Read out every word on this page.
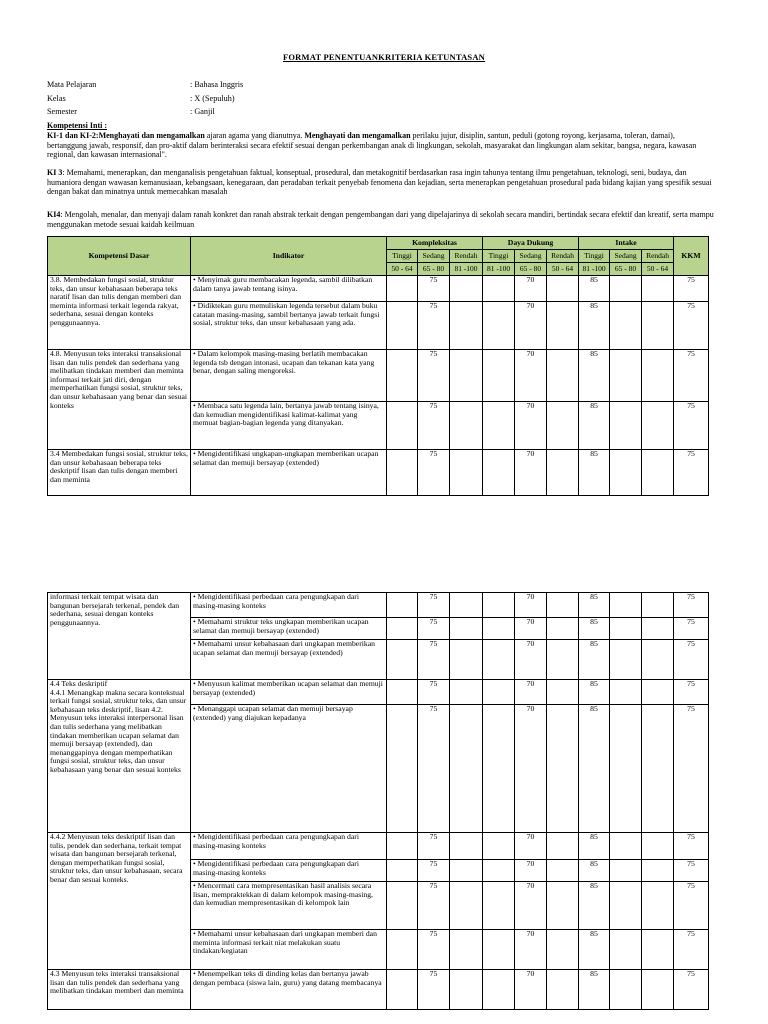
FORMAT PENENTUANKRITERIA KETUNTASAN
Mata Pelajaran	: Bahasa Inggris
Kelas	: X (Sepuluh)
Semester	: Ganjil
Kompetensi Inti :
KI-1 dan KI-2:Menghayati dan mengamalkan ajaran agama yang dianutnya. Menghayati dan mengamalkan perilaku jujur, disiplin, santun, peduli (gotong royong, kerjasama, toleran, damai), bertanggung jawab, responsif, dan pro-aktif dalam berinteraksi secara efektif sesuai dengan perkembangan anak di lingkungan, sekolah, masyarakat dan lingkungan alam sekitar, bangsa, negara, kawasan regional, dan kawasan internasional".
KI 3: Memahami, menerapkan, dan menganalisis pengetahuan faktual, konseptual, prosedural, dan metakognitif berdasarkan rasa ingin tahunya tentang ilmu pengetahuan, teknologi, seni, budaya, dan humaniora dengan wawasan kemanusiaan, kebangsaan, kenegaraan, dan peradaban terkait penyebab fenomena dan kejadian, serta menerapkan pengetahuan prosedural pada bidang kajian yang spesifik sesuai dengan bakat dan minatnya untuk memecahkan masalah
KI4: Mengolah, menalar, dan menyaji dalam ranah konkret dan ranah abstrak terkait dengan pengembangan dari yang dipelajarinya di sekolah secara mandiri, bertindak secara efektif dan kreatif, serta mampu menggunakan metode sesuai kaidah keilmuan
Kompetensi Dasar	Indikator	Kompleksitas			Daya Dukung			Intake			KKM
		Tinggi	Sedang	Rendah	Tinggi	Sedang	Rendah	Tinggi	Sedang	Rendah	
		50 - 64	65 - 80	81 -100	81 -100	65 - 80	50 - 64	81 -100	65 - 80	50 - 64	
3.8. Membedakan fungsi sosial, struktur teks, dan unsur kebahasaan beberapa teks naratif lisan dan tulis dengan memberi dan meminta informasi terkait legenda rakyat, sederhana, sesuai dengan konteks penggunaannya.	• Menyimak guru membacakan legenda, sambil dilibatkan dalam tanya jawab tentang isinya.		75			70		85			75
	• Didiktekan guru memuliskan legenda tersebut dalam buku catatan masing-masing, sambil bertanya jawab terkait fungsi sosial, struktur teks, dan unsur kebahasaan yang ada.		75			70		85			75
4.8. Menyusun teks interaksi transaksional lisan dan tulis pendek dan sederhana yang melibatkan tindakan memberi dan meminta informasi terkait jati diri, dengan memperhatikan fungsi sosial, struktur teks, dan unsur kebahasaan yang benar dan sesuai konteks	• Dalam kelompok masing-masing berlatih membacakan legenda tsb dengan intonasi, ucapan dan tekanan kata yang benar, dengan saling mengoreksi.		75			70		85			75
	• Membaca satu legenda lain, bertanya jawab tentang isinya, dan kemudian mengidentifikasi kalimat-kalimat yang memuat bagian-bagian legenda yang ditanyakan.		75			70		85			75
3.4 Membedakan fungsi sosial, struktur teks, dan unsur kebahasaan beberapa teks deskriptif lisan dan tulis dengan memberi dan meminta	• Mengidentifikasi ungkapan-ungkapan memberikan ucapan selamat dan memuji bersayap (extended)		75			70		85			75
informasi terkait tempat wisata dan bangunan bersejarah terkenal, pendek dan sederhana, sesuai dengan konteks penggunaannya.	• Mengidentifikasi perbedaan cara pengungkapan dari masing-masing konteks		75			70		85			75
	• Memahami struktur teks ungkapan memberikan ucapan selamat dan memuji bersayap (extended)		75			70		85			75
	• Memahami unsur kebahasaan dari ungkapan memberikan ucapan selamat dan memuji bersayap (extended)		75			70		85			75
4.4 Teks deskriptif
4.4.1 Menangkap makna secara kontekstual terkait fungsi sosial, struktur teks, dan unsur kebahasaan teks deskriptif, lisan 4.2. Menyusun teks interaksi interpersonal lisan dan tulis sederhana yang melibatkan tindakan memberikan ucapan selamat dan memuji bersayap (extended), dan menanggapinya dengan memperhatikan fungsi sosial, struktur teks, dan unsur kebahasaan yang benar dan sesuai konteks	• Menyusun kalimat memberikan ucapan selamat dan memuji bersayap (extended)		75			70		85			75
	• Menanggapi ucapan selamat dan memuji bersayap (extended) yang diajukan kepadanya		75			70		85			75
4.4.2 Menyusun teks deskriptif lisan dan tulis, pendek dan sederhana, terkait tempat wisata dan bangunan bersejarah terkenal, dengan memperhatikan fungsi sosial, struktur teks, dan unsur kebahasaan, secara benar dan sesuai konteks.	• Mengidentifikasi perbedaan cara pengungkapan dari masing-masing konteks		75			70		85			75
	• Mengidentifikasi perbedaan cara pengungkapan dari masing-masing konteks		75			70		85			75
	• Mencermati cara mempresentasikan hasil analisis secara lisan, mempraktekkan di dalam kelompok masing-masing, dan kemudian mempresentasikan di kelompok lain		75			70		85			75
	• Memahami unsur kebahasaan dari ungkapan memberi dan meminta informasi terkait niat melakukan suatu tindakan/kegiatan		75			70		85			75
4.3 Menyusun teks interaksi transaksional lisan dan tulis pendek dan sederhana yang melibatkan tindakan memberi dan meminta	• Menempelkan teks di dinding kelas dan bertanya jawab dengan pembaca (siswa lain, guru) yang datang membacanya		75			70		85			75
